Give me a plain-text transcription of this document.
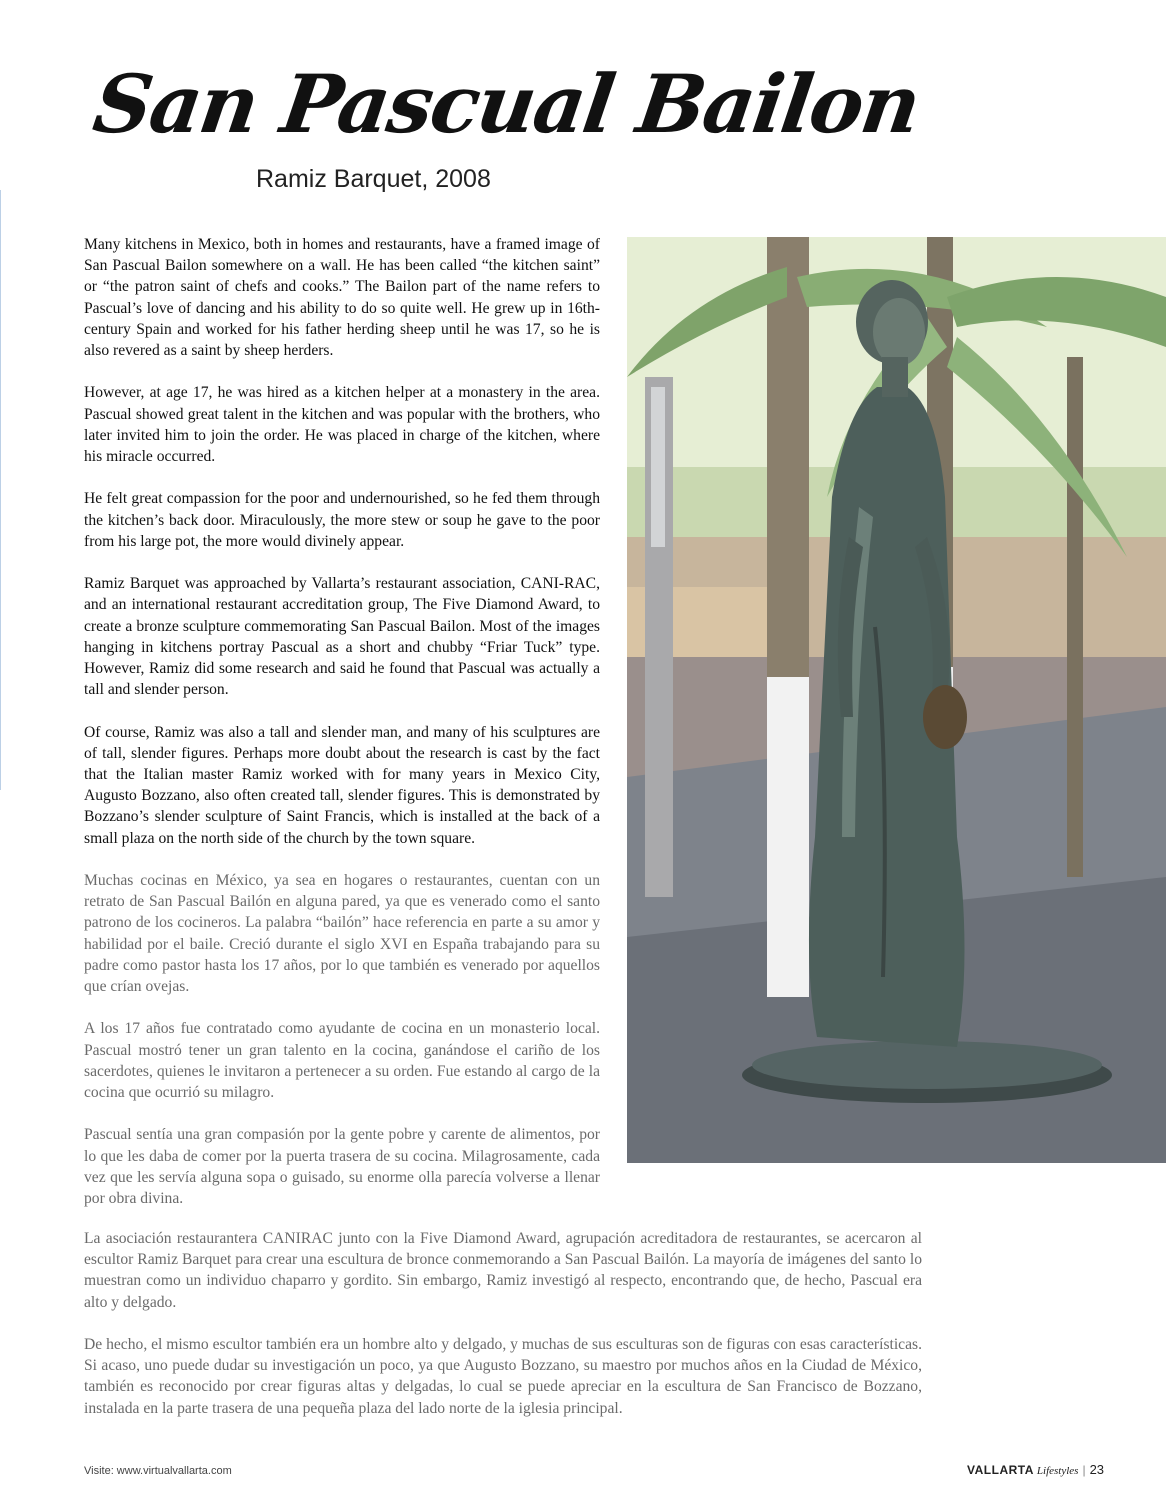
San Pascual Bailon
Ramiz Barquet, 2008

Many kitchens in Mexico, both in homes and restaurants, have a framed image of San Pascual Bailon somewhere on a wall. He has been called “the kitchen saint” or “the patron saint of chefs and cooks.” The Bailon part of the name refers to Pascual’s love of dancing and his ability to do so quite well. He grew up in 16th-century Spain and worked for his father herding sheep until he was 17, so he is also revered as a saint by sheep herders.

However, at age 17, he was hired as a kitchen helper at a monastery in the area. Pascual showed great talent in the kitchen and was popular with the brothers, who later invited him to join the order. He was placed in charge of the kitchen, where his miracle occurred.

He felt great compassion for the poor and undernourished, so he fed them through the kitchen’s back door. Miraculously, the more stew or soup he gave to the poor from his large pot, the more would divinely appear.

Ramiz Barquet was approached by Vallarta’s restaurant association, CANI-RAC, and an international restaurant accreditation group, The Five Diamond Award, to create a bronze sculpture commemorating San Pascual Bailon. Most of the images hanging in kitchens portray Pascual as a short and chubby “Friar Tuck” type. However, Ramiz did some research and said he found that Pascual was actually a tall and slender person.

Of course, Ramiz was also a tall and slender man, and many of his sculptures are of tall, slender figures. Perhaps more doubt about the research is cast by the fact that the Italian master Ramiz worked with for many years in Mexico City, Augusto Bozzano, also often created tall, slender figures. This is demonstrated by Bozzano’s slender sculpture of Saint Francis, which is installed at the back of a small plaza on the north side of the church by the town square.

Muchas cocinas en México, ya sea en hogares o restaurantes, cuentan con un retrato de San Pascual Bailón en alguna pared, ya que es venerado como el santo patrono de los cocineros. La palabra “bailón” hace referencia en parte a su amor y habilidad por el baile. Creció durante el siglo XVI en España trabajando para su padre como pastor hasta los 17 años, por lo que también es venerado por aquellos que crían ovejas.

A los 17 años fue contratado como ayudante de cocina en un monasterio local. Pascual mostró tener un gran talento en la cocina, ganándose el cariño de los sacerdotes, quienes le invitaron a pertenecer a su orden. Fue estando al cargo de la cocina que ocurrió su milagro.

Pascual sentía una gran compasión por la gente pobre y carente de alimentos, por lo que les daba de comer por la puerta trasera de su cocina. Milagrosamente, cada vez que les servía alguna sopa o guisado, su enorme olla parecía volverse a llenar por obra divina.

La asociación restaurantera CANIRAC junto con la Five Diamond Award, agrupación acreditadora de restaurantes, se acercaron al escultor Ramiz Barquet para crear una escultura de bronce conmemorando a San Pascual Bailón. La mayoría de imágenes del santo lo muestran como un individuo chaparro y gordito. Sin embargo, Ramiz investigó al respecto, encontrando que, de hecho, Pascual era alto y delgado.

De hecho, el mismo escultor también era un hombre alto y delgado, y muchas de sus esculturas son de figuras con esas características. Si acaso, uno puede dudar su investigación un poco, ya que Augusto Bozzano, su maestro por muchos años en la Ciudad de México, también es reconocido por crear figuras altas y delgadas, lo cual se puede apreciar en la escultura de San Francisco de Bozzano, instalada en la parte trasera de una pequeña plaza del lado norte de la iglesia principal.

Visite: www.virtualvallarta.com	VALLARTA Lifestyles | 23
